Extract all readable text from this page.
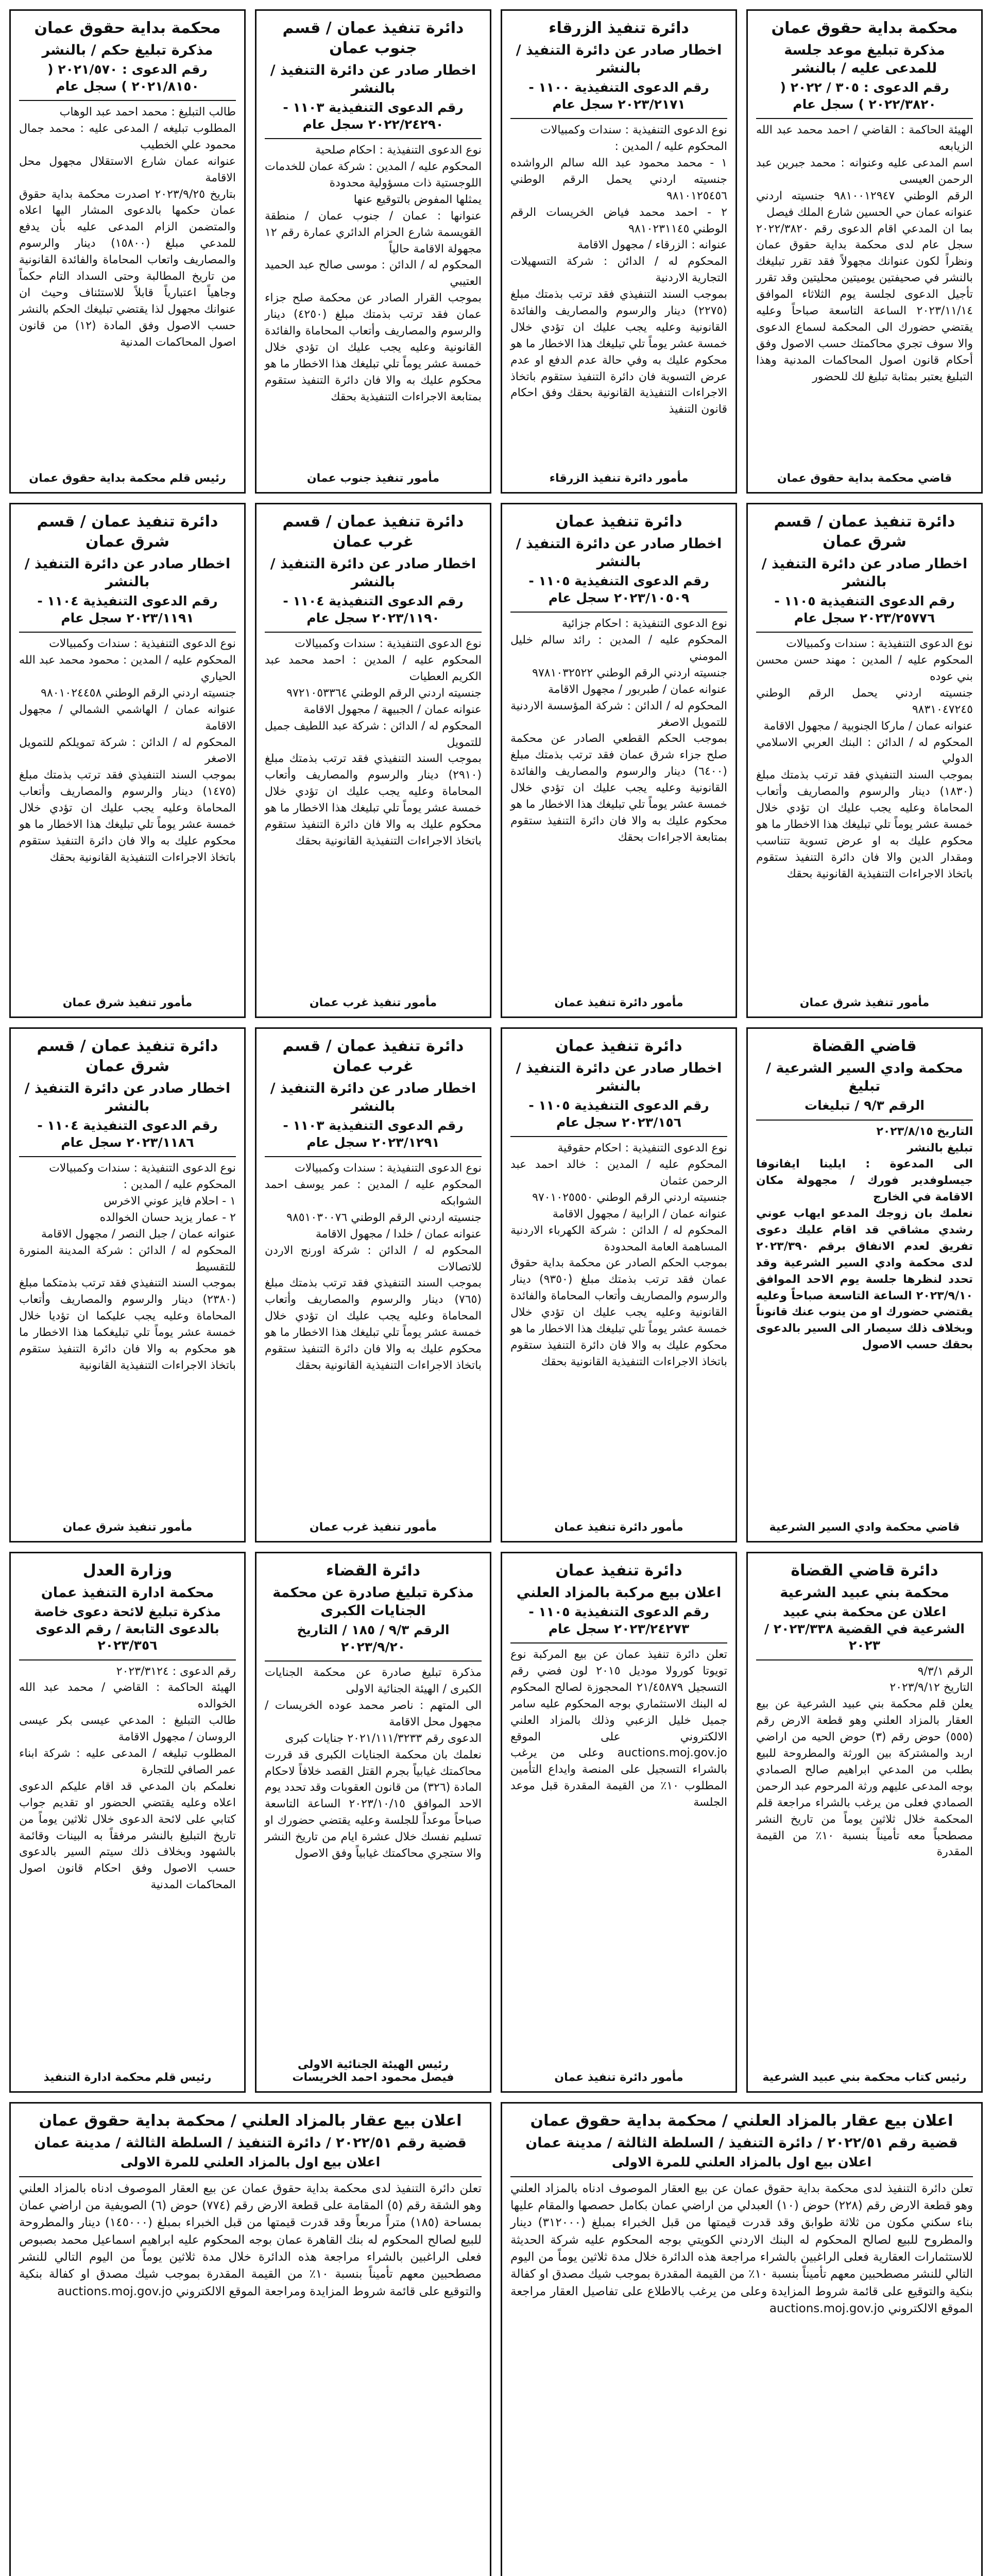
محكمة بداية حقوق عمان
مذكرة تبليغ موعد جلسة للمدعى عليه / بالنشر
رقم الدعوى : ٣٠٥ / ٢٠٢٢ ( ٢٠٢٢/٣٨٢٠ ) سجل عام

الهيئة الحاكمة : القاضي / احمد محمد عبد الله الزيابعه
اسم المدعى عليه وعنوانه : محمد جبرين عبد الرحمن العيسى
الرقم الوطني ٩٨١٠٠١٢٩٤٧ جنسيته اردني عنوانه عمان حي الحسين شارع الملك فيصل
بما ان المدعي اقام الدعوى رقم ٢٠٢٢/٣٨٢٠ سجل عام لدى محكمة بداية حقوق عمان ونظراً لكون عنوانك مجهولاً فقد تقرر تبليغك بالنشر في صحيفتين يوميتين محليتين وقد تقرر تأجيل الدعوى لجلسة يوم الثلاثاء الموافق ٢٠٢٣/١١/١٤ الساعة التاسعة صباحاً وعليه يقتضي حضورك الى المحكمة لسماع الدعوى والا سوف تجري محاكمتك حسب الاصول وفق أحكام قانون اصول المحاكمات المدنية وهذا التبليغ يعتبر بمثابة تبليغ لك للحضور

قاضي محكمة بداية حقوق عمان
دائرة تنفيذ الزرقاء
اخطار صادر عن دائرة التنفيذ / بالنشر
رقم الدعوى التنفيذية ١١٠٠ - ٢٠٢٣/٢١٧١ سجل عام

نوع الدعوى التنفيذية : سندات وكمبيالات
المحكوم عليه / المدين :
١ - محمد محمود عبد الله سالم الرواشده جنسيته اردني يحمل الرقم الوطني ٩٨١٠١٢٥٤٥٦
٢ - احمد محمد فياض الخريسات الرقم الوطني ٩٨١٠٢٣١١٤٥
عنوانه : الزرقاء / مجهول الاقامة
المحكوم له / الدائن : شركة التسهيلات التجارية الاردنية
بموجب السند التنفيذي فقد ترتب بذمتك مبلغ (٢٢٧٥) دينار والرسوم والمصاريف والفائدة القانونية وعليه يجب عليك ان تؤدي خلال خمسة عشر يوماً تلي تبليغك هذا الاخطار ما هو محكوم عليك به وفي حالة عدم الدفع او عدم عرض التسوية فان دائرة التنفيذ ستقوم باتخاذ الاجراءات التنفيذية القانونية بحقك وفق احكام قانون التنفيذ

مأمور دائرة تنفيذ الزرقاء
دائرة تنفيذ عمان / قسم جنوب عمان
اخطار صادر عن دائرة التنفيذ / بالنشر
رقم الدعوى التنفيذية ١١٠٣ - ٢٠٢٢/٢٤٢٩٠ سجل عام

نوع الدعوى التنفيذية : احكام صلحية
المحكوم عليه / المدين : شركة عمان للخدمات اللوجستية ذات مسؤولية محدودة
يمثلها المفوض بالتوقيع عنها
عنوانها : عمان / جنوب عمان / منطقة القويسمة شارع الحزام الدائري عمارة رقم ١٢ مجهولة الاقامة حالياً
المحكوم له / الدائن : موسى صالح عبد الحميد العتيبي
بموجب القرار الصادر عن محكمة صلح جزاء عمان فقد ترتب بذمتك مبلغ (٤٢٥٠) دينار والرسوم والمصاريف وأتعاب المحاماة والفائدة القانونية وعليه يجب عليك ان تؤدي خلال خمسة عشر يوماً تلي تبليغك هذا الاخطار ما هو محكوم عليك به والا فان دائرة التنفيذ ستقوم بمتابعة الاجراءات التنفيذية بحقك

مأمور تنفيذ جنوب عمان
محكمة بداية حقوق عمان
مذكرة تبليغ حكم / بالنشر
رقم الدعوى : ٢٠٢١/٥٧٠ ( ٢٠٢١/٨١٥٠ ) سجل عام

طالب التبليغ : محمد احمد عبد الوهاب
المطلوب تبليغه / المدعى عليه : محمد جمال محمود علي الخطيب
عنوانه عمان شارع الاستقلال مجهول محل الاقامة
بتاريخ ٢٠٢٣/٩/٢٥ اصدرت محكمة بداية حقوق عمان حكمها بالدعوى المشار اليها اعلاه والمتضمن الزام المدعى عليه بأن يدفع للمدعي مبلغ (١٥٨٠٠) دينار والرسوم والمصاريف واتعاب المحاماة والفائدة القانونية من تاريخ المطالبة وحتى السداد التام حكماً وجاهياً اعتبارياً قابلاً للاستئناف وحيث ان عنوانك مجهول لذا يقتضي تبليغك الحكم بالنشر حسب الاصول وفق المادة (١٢) من قانون اصول المحاكمات المدنية

رئيس قلم محكمة بداية حقوق عمان
دائرة تنفيذ عمان / قسم شرق عمان
اخطار صادر عن دائرة التنفيذ / بالنشر
رقم الدعوى التنفيذية ١١٠٥ - ٢٠٢٣/٢٥٧٧٦ سجل عام

نوع الدعوى التنفيذية : سندات وكمبيالات
المحكوم عليه / المدين : مهند حسن محسن بني عوده
جنسيته اردني يحمل الرقم الوطني ٩٨٣١٠٤٧٢٤٥
عنوانه عمان / ماركا الجنوبية / مجهول الاقامة
المحكوم له / الدائن : البنك العربي الاسلامي الدولي
بموجب السند التنفيذي فقد ترتب بذمتك مبلغ (١٨٣٠) دينار والرسوم والمصاريف وأتعاب المحاماة وعليه يجب عليك ان تؤدي خلال خمسة عشر يوماً تلي تبليغك هذا الاخطار ما هو محكوم عليك به او عرض تسوية تتناسب ومقدار الدين والا فان دائرة التنفيذ ستقوم باتخاذ الاجراءات التنفيذية القانونية بحقك

مأمور تنفيذ شرق عمان
دائرة تنفيذ عمان
اخطار صادر عن دائرة التنفيذ / بالنشر
رقم الدعوى التنفيذية ١١٠٥ - ٢٠٢٣/١٠٥٠٩ سجل عام

نوع الدعوى التنفيذية : احكام جزائية
المحكوم عليه / المدين : رائد سالم خليل المومني
جنسيته اردني الرقم الوطني ٩٧٨١٠٣٢٥٢٢
عنوانه عمان / طبربور / مجهول الاقامة
المحكوم له / الدائن : شركة المؤسسة الاردنية للتمويل الاصغر
بموجب الحكم القطعي الصادر عن محكمة صلح جزاء شرق عمان فقد ترتب بذمتك مبلغ (٦٤٠٠) دينار والرسوم والمصاريف والفائدة القانونية وعليه يجب عليك ان تؤدي خلال خمسة عشر يوماً تلي تبليغك هذا الاخطار ما هو محكوم عليك به والا فان دائرة التنفيذ ستقوم بمتابعة الاجراءات بحقك

مأمور دائرة تنفيذ عمان
دائرة تنفيذ عمان / قسم غرب عمان
اخطار صادر عن دائرة التنفيذ / بالنشر
رقم الدعوى التنفيذية ١١٠٤ - ٢٠٢٣/١١٩٠ سجل عام

نوع الدعوى التنفيذية : سندات وكمبيالات
المحكوم عليه / المدين : احمد محمد عبد الكريم العطيات
جنسيته اردني الرقم الوطني ٩٧٢١٠٥٣٣٦٤
عنوانه عمان / الجبيهة / مجهول الاقامة
المحكوم له / الدائن : شركة عبد اللطيف جميل للتمويل
بموجب السند التنفيذي فقد ترتب بذمتك مبلغ (٢٩١٠) دينار والرسوم والمصاريف وأتعاب المحاماة وعليه يجب عليك ان تؤدي خلال خمسة عشر يوماً تلي تبليغك هذا الاخطار ما هو محكوم عليك به والا فان دائرة التنفيذ ستقوم باتخاذ الاجراءات التنفيذية القانونية بحقك

مأمور تنفيذ غرب عمان
دائرة تنفيذ عمان / قسم شرق عمان
اخطار صادر عن دائرة التنفيذ / بالنشر
رقم الدعوى التنفيذية ١١٠٤ - ٢٠٢٣/١١٩١ سجل عام

نوع الدعوى التنفيذية : سندات وكمبيالات
المحكوم عليه / المدين : محمود محمد عبد الله الحياري
جنسيته اردني الرقم الوطني ٩٨٠١٠٢٤٤٥٨
عنوانه عمان / الهاشمي الشمالي / مجهول الاقامة
المحكوم له / الدائن : شركة تمويلكم للتمويل الاصغر
بموجب السند التنفيذي فقد ترتب بذمتك مبلغ (١٤٧٥) دينار والرسوم والمصاريف وأتعاب المحاماة وعليه يجب عليك ان تؤدي خلال خمسة عشر يوماً تلي تبليغك هذا الاخطار ما هو محكوم عليك به والا فان دائرة التنفيذ ستقوم باتخاذ الاجراءات التنفيذية القانونية بحقك

مأمور تنفيذ شرق عمان
قاضي القضاة
محكمة وادي السير الشرعية / تبليغ
الرقم ٩/٣ / تبليغات

التاريخ ٢٠٢٣/٨/١٥
تبليغ بالنشر
الى المدعوة : ايلينا ايفانوفا جيسلوفدير فورك / مجهولة مكان الاقامة في الخارج
نعلمك بان زوجك المدعو ايهاب عوني رشدي مشاقي قد اقام عليك دعوى تفريق لعدم الانفاق برقم ٢٠٢٣/٣٩٠ لدى محكمة وادي السير الشرعية وقد تحدد لنظرها جلسة يوم الاحد الموافق ٢٠٢٣/٩/١٠ الساعة التاسعة صباحاً وعليه يقتضي حضورك او من ينوب عنك قانوناً وبخلاف ذلك سيصار الى السير بالدعوى بحقك حسب الاصول

قاضي محكمة وادي السير الشرعية
دائرة تنفيذ عمان
اخطار صادر عن دائرة التنفيذ / بالنشر
رقم الدعوى التنفيذية ١١٠٥ - ٢٠٢٣/١٥٦ سجل عام

نوع الدعوى التنفيذية : احكام حقوقية
المحكوم عليه / المدين : خالد احمد عبد الرحمن عثمان
جنسيته اردني الرقم الوطني ٩٧٠١٠٢٥٥٥٠
عنوانه عمان / الرابية / مجهول الاقامة
المحكوم له / الدائن : شركة الكهرباء الاردنية المساهمة العامة المحدودة
بموجب الحكم الصادر عن محكمة بداية حقوق عمان فقد ترتب بذمتك مبلغ (٩٣٥٠) دينار والرسوم والمصاريف وأتعاب المحاماة والفائدة القانونية وعليه يجب عليك ان تؤدي خلال خمسة عشر يوماً تلي تبليغك هذا الاخطار ما هو محكوم عليك به والا فان دائرة التنفيذ ستقوم باتخاذ الاجراءات التنفيذية القانونية بحقك

مأمور دائرة تنفيذ عمان
دائرة تنفيذ عمان / قسم غرب عمان
اخطار صادر عن دائرة التنفيذ / بالنشر
رقم الدعوى التنفيذية ١١٠٣ - ٢٠٢٣/١٢٩١ سجل عام

نوع الدعوى التنفيذية : سندات وكمبيالات
المحكوم عليه / المدين : عمر يوسف احمد الشوابكه
جنسيته اردني الرقم الوطني ٩٨٥١٠٣٠٠٧٦
عنوانه عمان / خلدا / مجهول الاقامة
المحكوم له / الدائن : شركة اورنج الاردن للاتصالات
بموجب السند التنفيذي فقد ترتب بذمتك مبلغ (٧٦٥) دينار والرسوم والمصاريف وأتعاب المحاماة وعليه يجب عليك ان تؤدي خلال خمسة عشر يوماً تلي تبليغك هذا الاخطار ما هو محكوم عليك به والا فان دائرة التنفيذ ستقوم باتخاذ الاجراءات التنفيذية القانونية بحقك

مأمور تنفيذ غرب عمان
دائرة تنفيذ عمان / قسم شرق عمان
اخطار صادر عن دائرة التنفيذ / بالنشر
رقم الدعوى التنفيذية ١١٠٤ - ٢٠٢٣/١١٨٦ سجل عام

نوع الدعوى التنفيذية : سندات وكمبيالات
المحكوم عليه / المدين :
١ - احلام فايز عوني الاخرس
٢ - عمار يزيد حسان الخوالده
عنوانه عمان / جبل النصر / مجهول الاقامة
المحكوم له / الدائن : شركة المدينة المنورة للتقسيط
بموجب السند التنفيذي فقد ترتب بذمتكما مبلغ (٢٣٨٠) دينار والرسوم والمصاريف وأتعاب المحاماة وعليه يجب عليكما ان تؤديا خلال خمسة عشر يوماً تلي تبليغكما هذا الاخطار ما هو محكوم به والا فان دائرة التنفيذ ستقوم باتخاذ الاجراءات التنفيذية القانونية

مأمور تنفيذ شرق عمان
دائرة قاضي القضاة
محكمة بني عبيد الشرعية
اعلان عن محكمة بني عبيد الشرعية في القضية ٢٠٢٣/٣٣٨ / ٢٠٢٣

الرقم ٩/٣/١
التاريخ ٢٠٢٣/٩/١٢
يعلن قلم محكمة بني عبيد الشرعية عن بيع العقار بالمزاد العلني وهو قطعة الارض رقم (٥٥٥) حوض رقم (٣) حوض الحيه من اراضي اربد والمشتركة بين الورثة والمطروحة للبيع بطلب من المدعي ابراهيم صالح الصمادي بوجه المدعى عليهم ورثة المرحوم عبد الرحمن الصمادي فعلى من يرغب بالشراء مراجعة قلم المحكمة خلال ثلاثين يوماً من تاريخ النشر مصطحباً معه تأميناً بنسبة ١٠٪ من القيمة المقدرة

رئيس كتاب محكمة بني عبيد الشرعية
دائرة تنفيذ عمان
اعلان بيع مركبة بالمزاد العلني
رقم الدعوى التنفيذية ١١٠٥ - ٢٠٢٣/٢٤٢٧٣ سجل عام

تعلن دائرة تنفيذ عمان عن بيع المركبة نوع تويوتا كورولا موديل ٢٠١٥ لون فضي رقم التسجيل ٢١/٤٥٨٧٩ المحجوزة لصالح المحكوم له البنك الاستثماري بوجه المحكوم عليه سامر جميل خليل الزعبي وذلك بالمزاد العلني الالكتروني على الموقع auctions.moj.gov.jo وعلى من يرغب بالشراء التسجيل على المنصة وايداع التأمين المطلوب ١٠٪ من القيمة المقدرة قبل موعد الجلسة

مأمور دائرة تنفيذ عمان
دائرة القضاء
مذكرة تبليغ صادرة عن محكمة الجنايات الكبرى
الرقم ٩/٣ / ١٨٥ / التاريخ ٢٠٢٣/٩/٢٠

مذكرة تبليغ صادرة عن محكمة الجنايات الكبرى / الهيئة الجنائية الاولى
الى المتهم : ناصر محمد عوده الخريسات / مجهول محل الاقامة
الدعوى رقم ٢٠٢١/١١١/٣٢٣٣ جنايات كبرى
نعلمك بان محكمة الجنايات الكبرى قد قررت محاكمتك غيابياً بجرم القتل القصد خلافاً لاحكام المادة (٣٢٦) من قانون العقوبات وقد تحدد يوم الاحد الموافق ٢٠٢٣/١٠/١٥ الساعة التاسعة صباحاً موعداً للجلسة وعليه يقتضي حضورك او تسليم نفسك خلال عشرة ايام من تاريخ النشر والا ستجري محاكمتك غيابياً وفق الاصول

رئيس الهيئة الجنائية الاولى
فيصل محمود احمد الخريسات
وزارة العدل
محكمة ادارة التنفيذ عمان
مذكرة تبليغ لائحة دعوى خاصة بالدعوى التابعة / رقم الدعوى ٢٠٢٣/٣٥٦

رقم الدعوى : ٢٠٢٣/٣١٢٤
الهيئة الحاكمة : القاضي / محمد عبد الله الخوالده
طالب التبليغ : المدعي عيسى بكر عيسى الروسان / مجهول الاقامة
المطلوب تبليغه / المدعى عليه : شركة ابناء عمر الصافي للتجارة
نعلمكم بان المدعي قد اقام عليكم الدعوى اعلاه وعليه يقتضي الحضور او تقديم جواب كتابي على لائحة الدعوى خلال ثلاثين يوماً من تاريخ التبليغ بالنشر مرفقاً به البينات وقائمة بالشهود وبخلاف ذلك سيتم السير بالدعوى حسب الاصول وفق احكام قانون اصول المحاكمات المدنية

رئيس قلم محكمة ادارة التنفيذ
اعلان بيع عقار بالمزاد العلني / محكمة بداية حقوق عمان
قضية رقم ٢٠٢٢/٥١ / دائرة التنفيذ / السلطة الثالثة / مدينة عمان
اعلان بيع اول بالمزاد العلني للمرة الاولى

تعلن دائرة التنفيذ لدى محكمة بداية حقوق عمان عن بيع العقار الموصوف ادناه بالمزاد العلني وهو قطعة الارض رقم (٢٢٨) حوض (١٠) العبدلي من اراضي عمان بكامل حصصها والمقام عليها بناء سكني مكون من ثلاثة طوابق وقد قدرت قيمتها من قبل الخبراء بمبلغ (٣١٢٠٠٠) دينار والمطروح للبيع لصالح المحكوم له البنك الاردني الكويتي بوجه المحكوم عليه شركة الحديثة للاستثمارات العقارية فعلى الراغبين بالشراء مراجعة هذه الدائرة خلال مدة ثلاثين يوماً من اليوم التالي للنشر مصطحبين معهم تأميناً بنسبة ١٠٪ من القيمة المقدرة بموجب شيك مصدق او كفالة بنكية والتوقيع على قائمة شروط المزايدة وعلى من يرغب بالاطلاع على تفاصيل العقار مراجعة الموقع الالكتروني auctions.moj.gov.jo

اعلان بيع عقار بالمزاد العلني / محكمة بداية حقوق عمان
قضية رقم ٢٠٢٢/٥١ / دائرة التنفيذ / السلطة الثالثة / مدينة عمان
اعلان بيع اول بالمزاد العلني للمرة الاولى

تعلن دائرة التنفيذ لدى محكمة بداية حقوق عمان عن بيع العقار الموصوف ادناه بالمزاد العلني وهو الشقة رقم (٥) المقامة على قطعة الارض رقم (٧٧٤) حوض (٦) الصويفية من اراضي عمان بمساحة (١٨٥) متراً مربعاً وقد قدرت قيمتها من قبل الخبراء بمبلغ (١٤٥٠٠٠) دينار والمطروحة للبيع لصالح المحكوم له بنك القاهرة عمان بوجه المحكوم عليه ابراهيم اسماعيل محمد بصبوص فعلى الراغبين بالشراء مراجعة هذه الدائرة خلال مدة ثلاثين يوماً من اليوم التالي للنشر مصطحبين معهم تأميناً بنسبة ١٠٪ من القيمة المقدرة بموجب شيك مصدق او كفالة بنكية والتوقيع على قائمة شروط المزايدة ومراجعة الموقع الالكتروني auctions.moj.gov.jo
